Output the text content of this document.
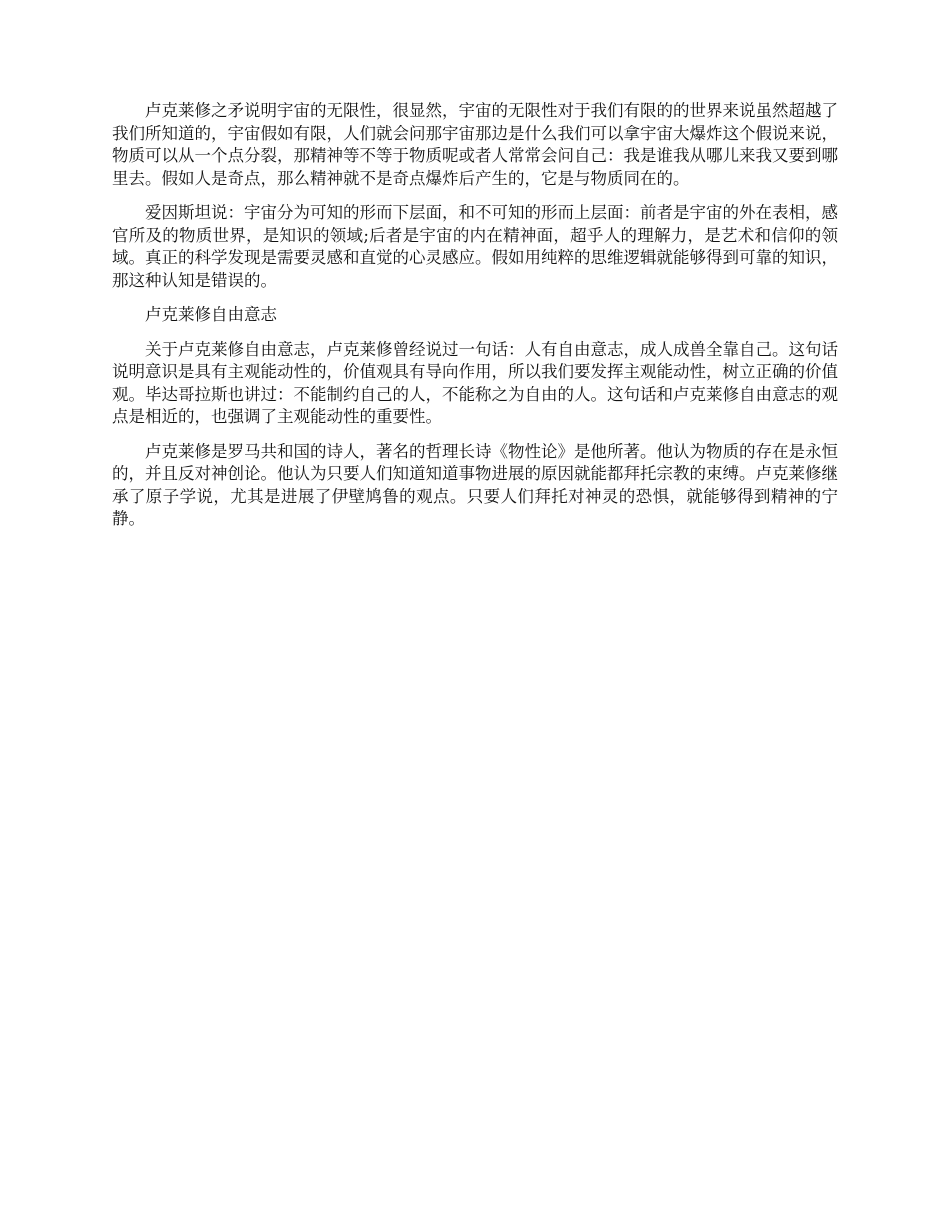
卢克莱修之矛说明宇宙的无限性，很显然，宇宙的无限性对于我们有限的的世界来说虽然超越了我们所知道的，宇宙假如有限，人们就会问那宇宙那边是什么我们可以拿宇宙大爆炸这个假说来说，物质可以从一个点分裂，那精神等不等于物质呢或者人常常会问自己：我是谁我从哪儿来我又要到哪里去。假如人是奇点，那么精神就不是奇点爆炸后产生的，它是与物质同在的。

爱因斯坦说：宇宙分为可知的形而下层面，和不可知的形而上层面：前者是宇宙的外在表相，感官所及的物质世界，是知识的领域;后者是宇宙的内在精神面，超乎人的理解力，是艺术和信仰的领域。真正的科学发现是需要灵感和直觉的心灵感应。假如用纯粹的思维逻辑就能够得到可靠的知识，那这种认知是错误的。

卢克莱修自由意志

关于卢克莱修自由意志，卢克莱修曾经说过一句话：人有自由意志，成人成兽全靠自己。这句话说明意识是具有主观能动性的，价值观具有导向作用，所以我们要发挥主观能动性，树立正确的价值观。毕达哥拉斯也讲过：不能制约自己的人，不能称之为自由的人。这句话和卢克莱修自由意志的观点是相近的，也强调了主观能动性的重要性。

卢克莱修是罗马共和国的诗人，著名的哲理长诗《物性论》是他所著。他认为物质的存在是永恒的，并且反对神创论。他认为只要人们知道知道事物进展的原因就能都拜托宗教的束缚。卢克莱修继承了原子学说，尤其是进展了伊壁鸠鲁的观点。只要人们拜托对神灵的恐惧，就能够得到精神的宁静。
